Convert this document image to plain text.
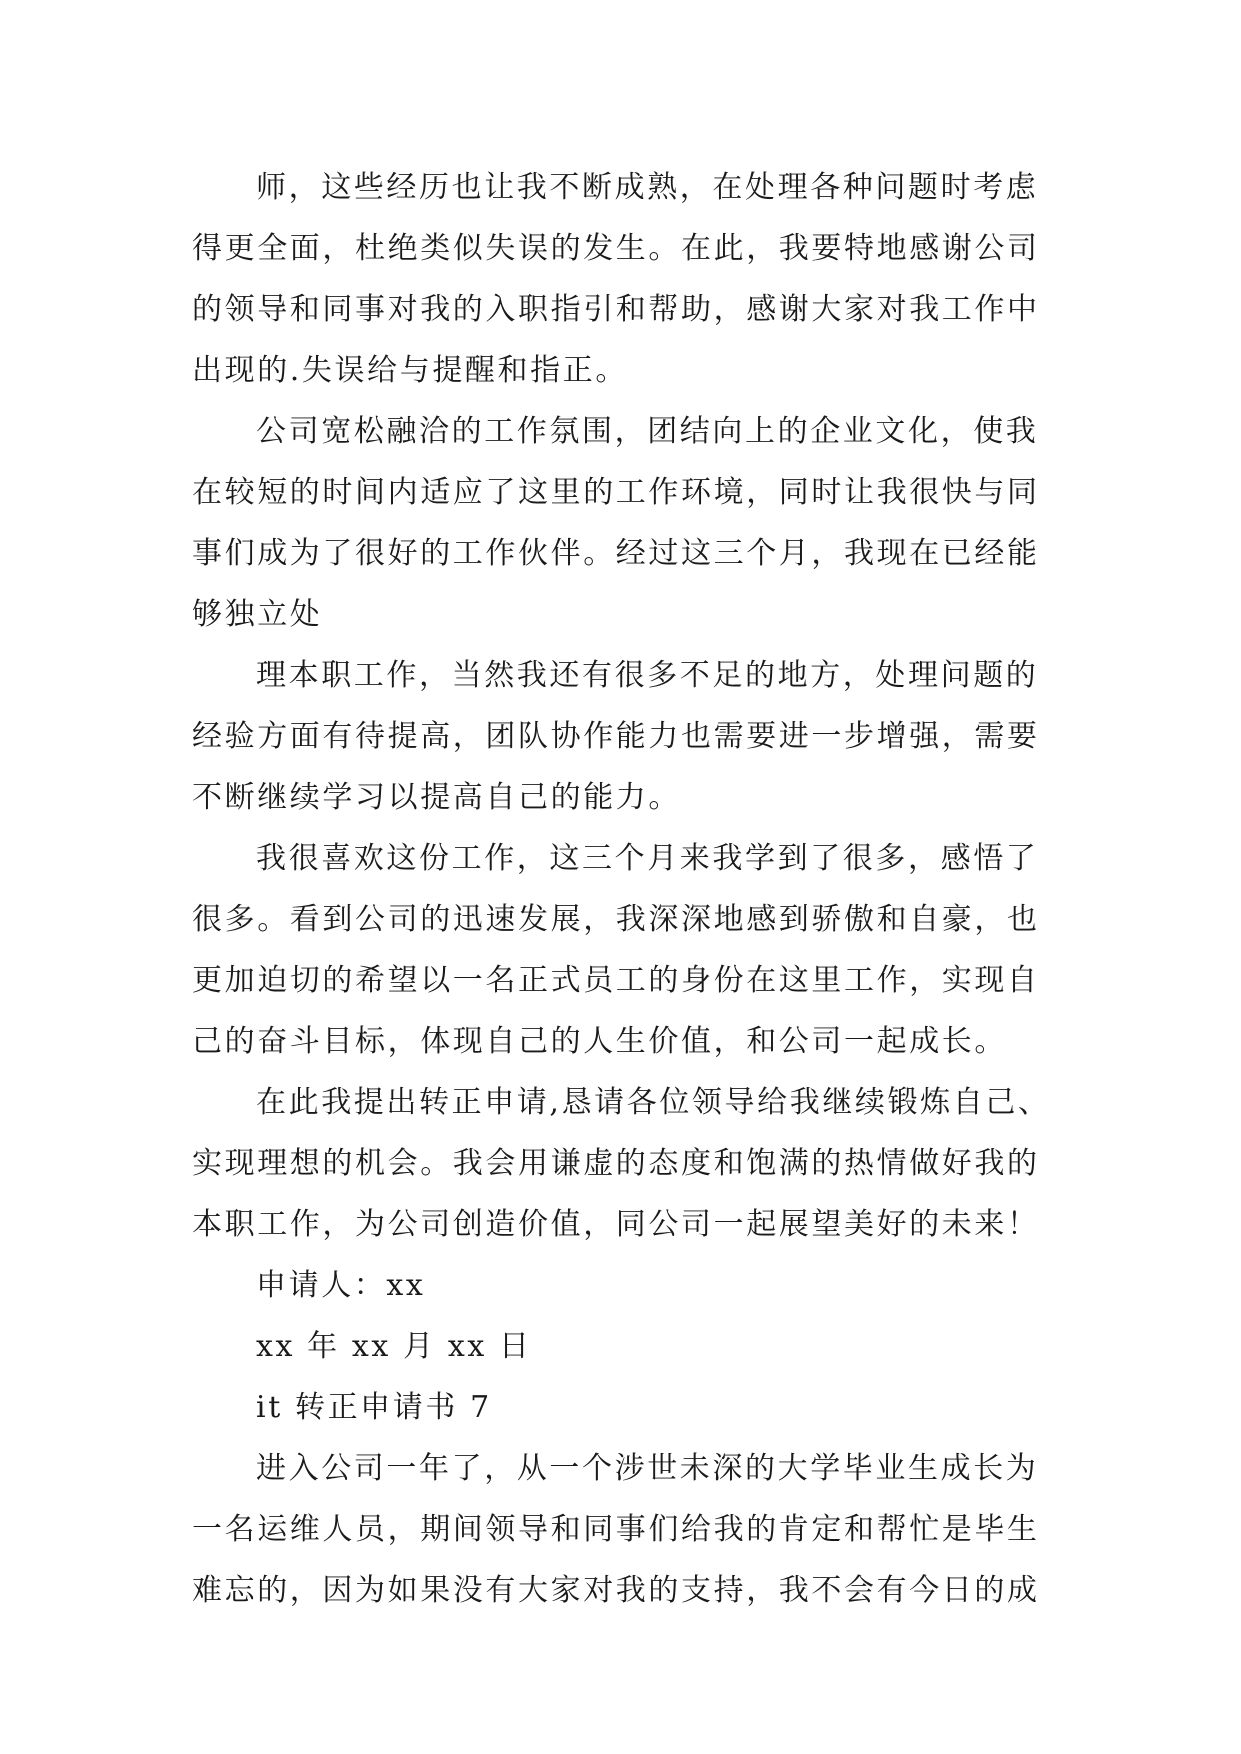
师，这些经历也让我不断成熟，在处理各种问题时考虑
得更全面，杜绝类似失误的发生。在此，我要特地感谢公司
的领导和同事对我的入职指引和帮助，感谢大家对我工作中
出现的.失误给与提醒和指正。
公司宽松融洽的工作氛围，团结向上的企业文化，使我
在较短的时间内适应了这里的工作环境，同时让我很快与同
事们成为了很好的工作伙伴。经过这三个月，我现在已经能
够独立处
理本职工作，当然我还有很多不足的地方，处理问题的
经验方面有待提高，团队协作能力也需要进一步增强，需要
不断继续学习以提高自己的能力。
我很喜欢这份工作，这三个月来我学到了很多，感悟了
很多。看到公司的迅速发展，我深深地感到骄傲和自豪，也
更加迫切的希望以一名正式员工的身份在这里工作，实现自
己的奋斗目标，体现自己的人生价值，和公司一起成长。
在此我提出转正申请,恳请各位领导给我继续锻炼自己、
实现理想的机会。我会用谦虚的态度和饱满的热情做好我的
本职工作，为公司创造价值，同公司一起展望美好的未来！
申请人：xx
xx 年 xx 月 xx 日
it 转正申请书 7
进入公司一年了，从一个涉世未深的大学毕业生成长为
一名运维人员，期间领导和同事们给我的肯定和帮忙是毕生
难忘的，因为如果没有大家对我的支持，我不会有今日的成
